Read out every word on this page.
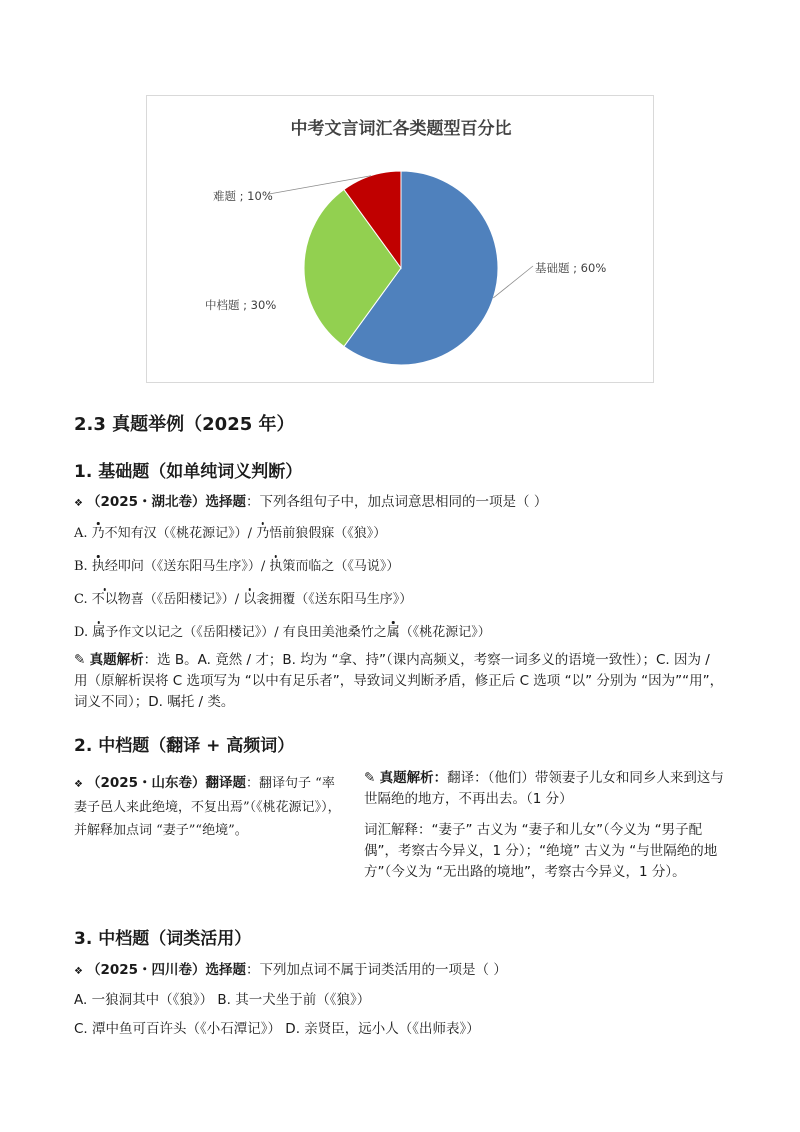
中考文言词汇各类题型百分比
基础题 ; 60%
中档题 ; 30%
难题 ; 10%
2.3 真题举例（2025 年）
1. 基础题（如单纯词义判断）
❖ （2025・湖北卷）选择题：下列各组句子中，加点词意思相同的一项是（ ）
A. 乃不知有汉（《桃花源记》）/ 乃悟前狼假寐（《狼》）
B. 执经叩问（《送东阳马生序》）/ 执策而临之（《马说》）
C. 不以物喜（《岳阳楼记》）/ 以衾拥覆（《送东阳马生序》）
D. 属予作文以记之（《岳阳楼记》）/ 有良田美池桑竹之属（《桃花源记》）
✎ 真题解析：选 B。A. 竟然 / 才；B. 均为 “拿、持”（课内高频义，考察一词多义的语境一致性）；C. 因为 / 用（原解析误将 C 选项写为 “以中有足乐者”，导致词义判断矛盾，修正后 C 选项 “以” 分别为 “因为”“用”，词义不同）；D. 嘱托 / 类。
2. 中档题（翻译 + 高频词）
❖ （2025・山东卷）翻译题：翻译句子 “率妻子邑人来此绝境，不复出焉”（《桃花源记》），并解释加点词 “妻子”“绝境”。
✎ 真题解析：翻译：（他们）带领妻子儿女和同乡人来到这与世隔绝的地方，不再出去。（1 分）
词汇解释：“妻子” 古义为 “妻子和儿女”（今义为 “男子配偶”，考察古今异义，1 分）；“绝境” 古义为 “与世隔绝的地方”（今义为 “无出路的境地”，考察古今异义，1 分）。
3. 中档题（词类活用）
❖ （2025・四川卷）选择题：下列加点词不属于词类活用的一项是（ ）
A. 一狼洞其中（《狼》） B. 其一犬坐于前（《狼》）
C. 潭中鱼可百许头（《小石潭记》） D. 亲贤臣，远小人（《出师表》）
